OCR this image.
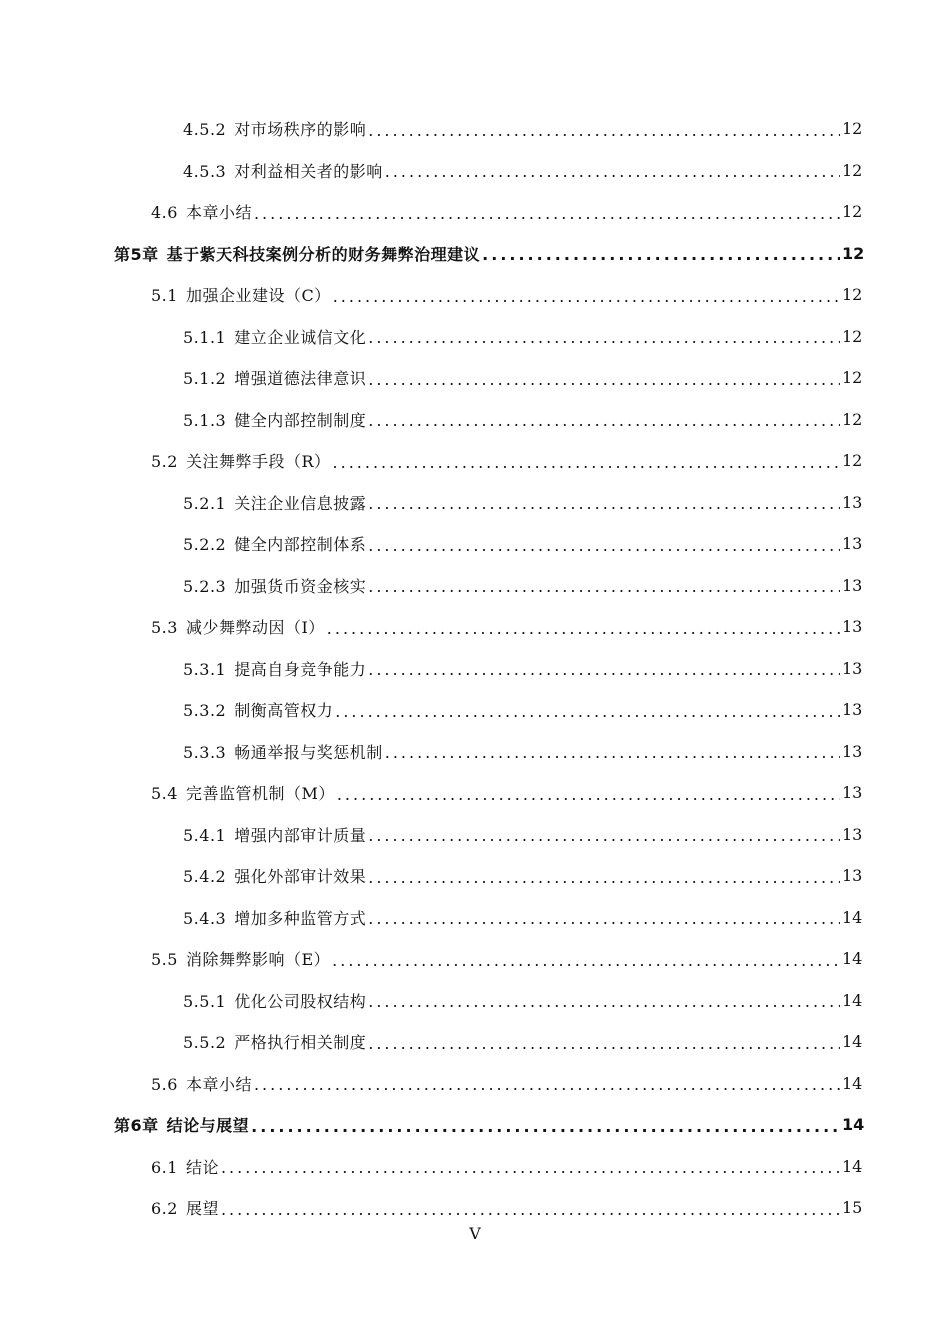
4.5.2 对市场秩序的影响 .....	12
4.5.3 对利益相关者的影响 .....	12
4.6 本章小结 .....	12
第5章 基于紫天科技案例分析的财务舞弊治理建议 .....	12
5.1 加强企业建设（C） .....	12
5.1.1 建立企业诚信文化 .....	12
5.1.2 增强道德法律意识 .....	12
5.1.3 健全内部控制制度 .....	12
5.2 关注舞弊手段（R） .....	12
5.2.1 关注企业信息披露 .....	13
5.2.2 健全内部控制体系 .....	13
5.2.3 加强货币资金核实 .....	13
5.3 减少舞弊动因（I） .....	13
5.3.1 提高自身竞争能力 .....	13
5.3.2 制衡高管权力 .....	13
5.3.3 畅通举报与奖惩机制 .....	13
5.4 完善监管机制（M） .....	13
5.4.1 增强内部审计质量 .....	13
5.4.2 强化外部审计效果 .....	13
5.4.3 增加多种监管方式 .....	14
5.5 消除舞弊影响（E） .....	14
5.5.1 优化公司股权结构 .....	14
5.5.2 严格执行相关制度 .....	14
5.6 本章小结 .....	14
第6章 结论与展望 .....	14
6.1 结论 .....	14
6.2 展望 .....	15
V
